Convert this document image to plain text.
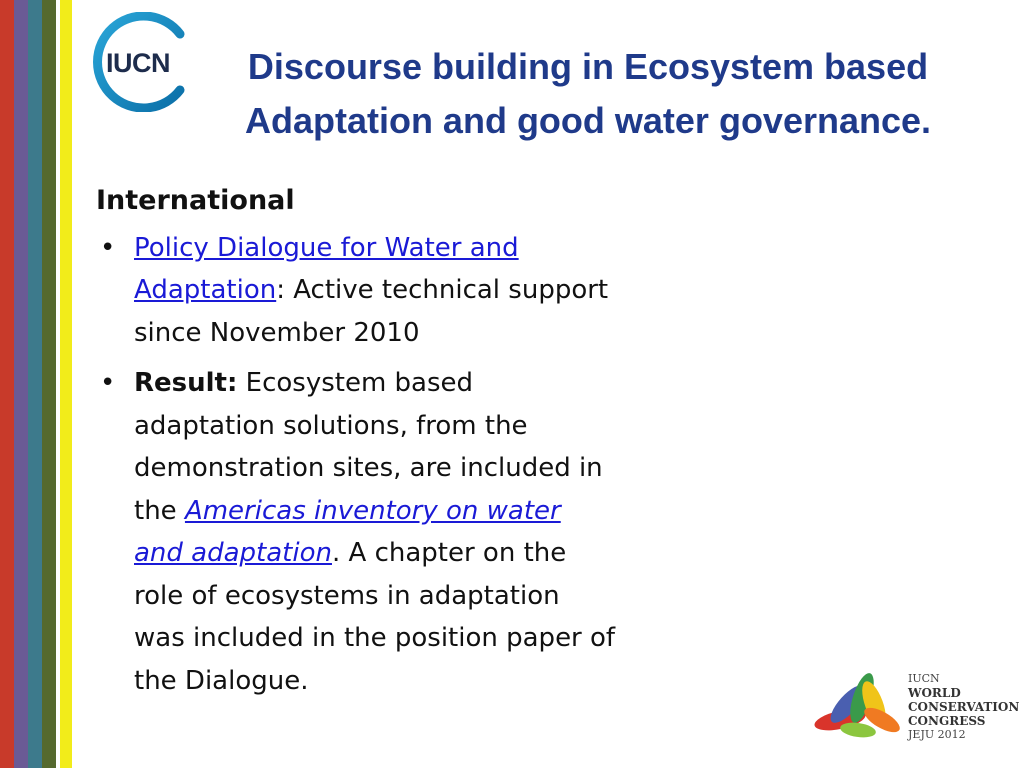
IUCN	Discourse building in Ecosystem based
Adaptation and good water governance.
International
• Policy Dialogue for Water and Adaptation: Active technical support since November 2010
• Result: Ecosystem based adaptation solutions, from the demonstration sites, are included in the Americas inventory on water and adaptation. A chapter on the role of ecosystems in adaptation was included in the position paper of the Dialogue.	IUCN
WORLD
CONSERVATION
CONGRESS
JEJU 2012
